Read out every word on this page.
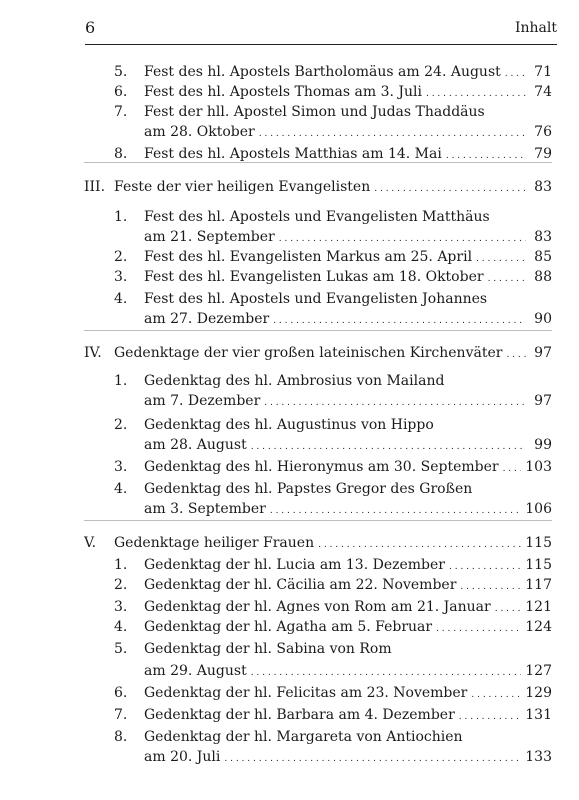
6	Inhalt
5. Fest des hl. Apostels Bartholomäus am 24. August . . . 71
6. Fest des hl. Apostels Thomas am 3. Juli . . .	74
7. Fest der hll. Apostel Simon und Judas Thaddäus
am 28. Oktober . . .	76
8. Fest des hl. Apostels Matthias am 14. Mai . . .	79
III. Feste der vier heiligen Evangelisten . . .	83
1. Fest des hl. Apostels und Evangelisten Matthäus
am 21. September . . .	83
2. Fest des hl. Evangelisten Markus am 25. April . . .	85
3. Fest des hl. Evangelisten Lukas am 18. Oktober . . .	88
4. Fest des hl. Apostels und Evangelisten Johannes
am 27. Dezember . . .	90
IV. Gedenktage der vier großen lateinischen Kirchenväter . . . 97
1. Gedenktag des hl. Ambrosius von Mailand
am 7. Dezember . . .	97
2. Gedenktag des hl. Augustinus von Hippo
am 28. August . . .	99
3. Gedenktag des hl. Hieronymus am 30. September . . . 103
4. Gedenktag des hl. Papstes Gregor des Großen
am 3. September . . .	106
V. Gedenktage heiliger Frauen . . .	115
1. Gedenktag der hl. Lucia am 13. Dezember . . .	115
2. Gedenktag der hl. Cäcilia am 22. November . . .	117
3. Gedenktag der hl. Agnes von Rom am 21. Januar . . . 121
4. Gedenktag der hl. Agatha am 5. Februar . . .	124
5. Gedenktag der hl. Sabina von Rom
am 29. August . . .	127
6. Gedenktag der hl. Felicitas am 23. November . . .	129
7. Gedenktag der hl. Barbara am 4. Dezember . . .	131
8. Gedenktag der hl. Margareta von Antiochien
am 20. Juli . . .	133
